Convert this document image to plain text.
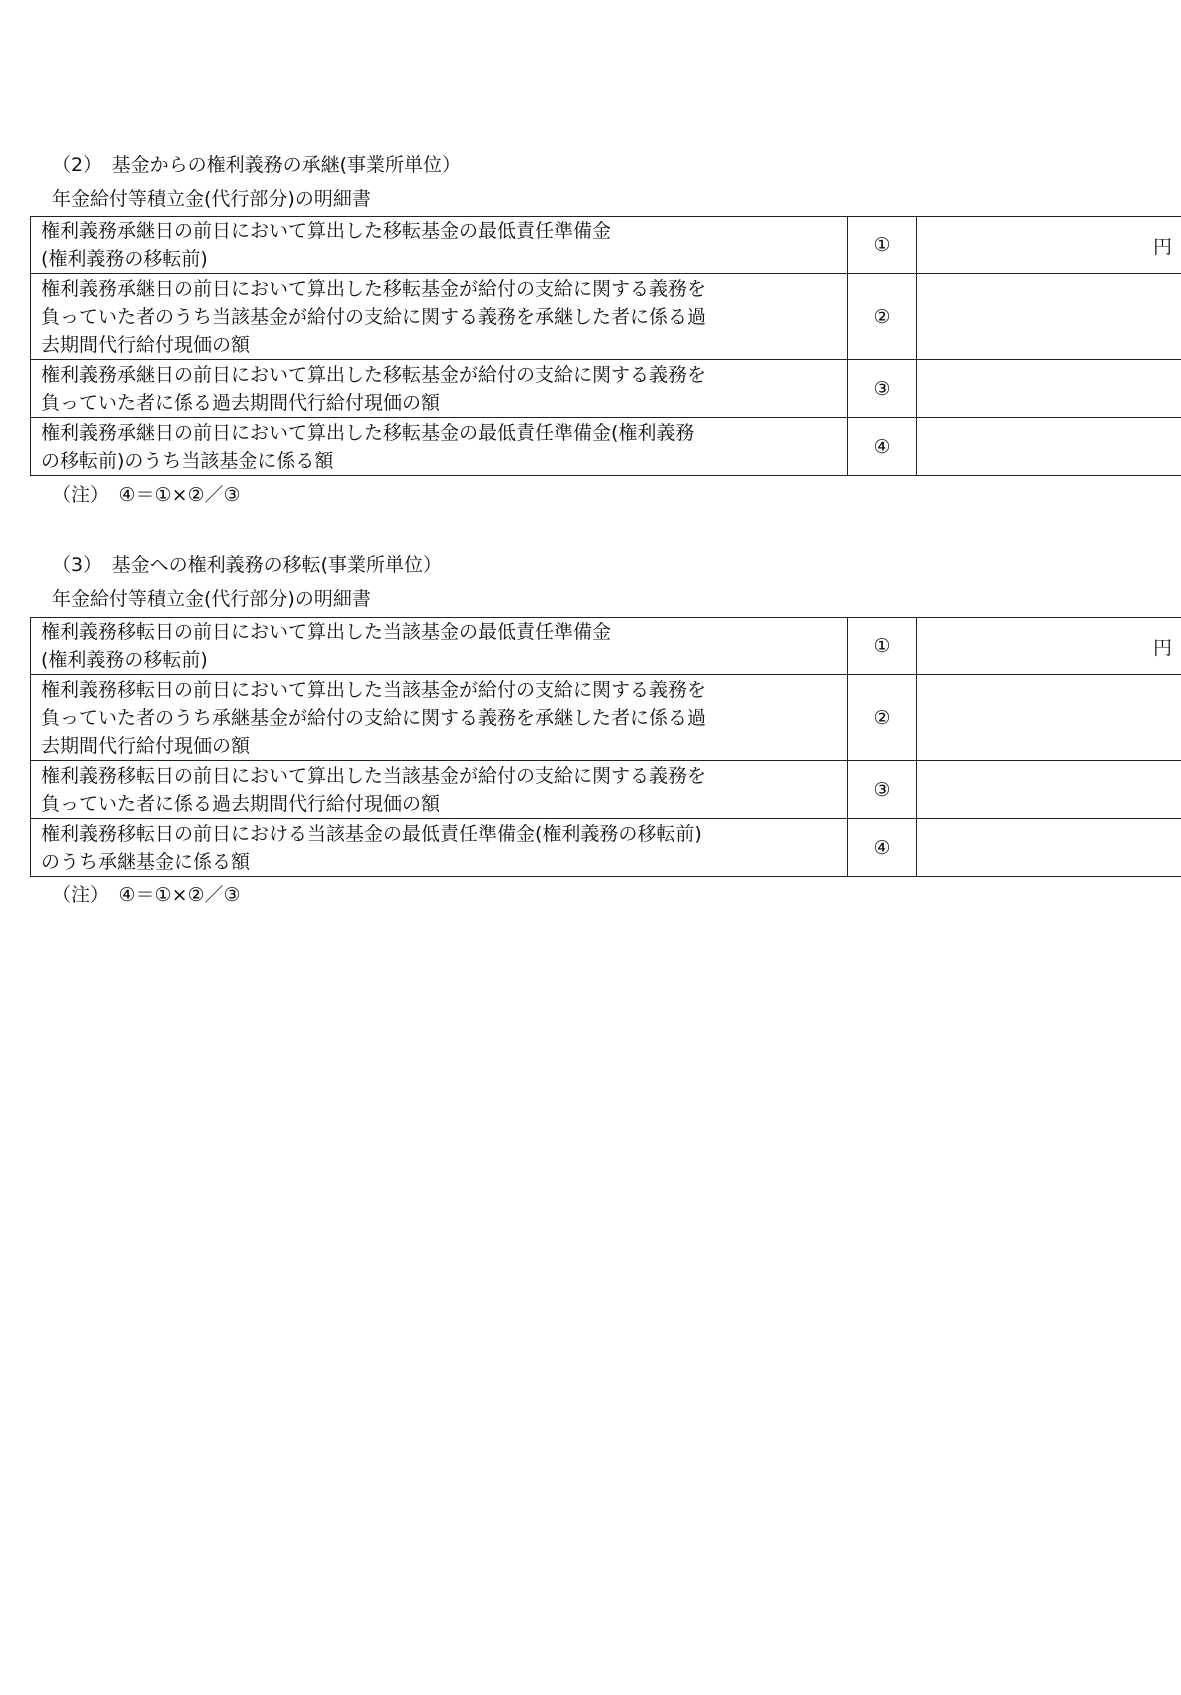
（2）　基金からの権利義務の承継(事業所単位）
年金給付等積立金(代行部分)の明細書
権利義務承継日の前日において算出した移転基金の最低責任準備金
(権利義務の移転前)	①	円

権利義務承継日の前日において算出した移転基金が給付の支給に関する義務を
負っていた者のうち当該基金が給付の支給に関する義務を承継した者に係る過
去期間代行給付現価の額	②	

権利義務承継日の前日において算出した移転基金が給付の支給に関する義務を
負っていた者に係る過去期間代行給付現価の額	③	

権利義務承継日の前日において算出した移転基金の最低責任準備金(権利義務
の移転前)のうち当該基金に係る額	④	
（注）　④＝①×②／③
（3）　基金への権利義務の移転(事業所単位）
年金給付等積立金(代行部分)の明細書
権利義務移転日の前日において算出した当該基金の最低責任準備金
(権利義務の移転前)	①	円

権利義務移転日の前日において算出した当該基金が給付の支給に関する義務を
負っていた者のうち承継基金が給付の支給に関する義務を承継した者に係る過
去期間代行給付現価の額	②	

権利義務移転日の前日において算出した当該基金が給付の支給に関する義務を
負っていた者に係る過去期間代行給付現価の額	③	

権利義務移転日の前日における当該基金の最低責任準備金(権利義務の移転前)
のうち承継基金に係る額	④	
（注）　④＝①×②／③
